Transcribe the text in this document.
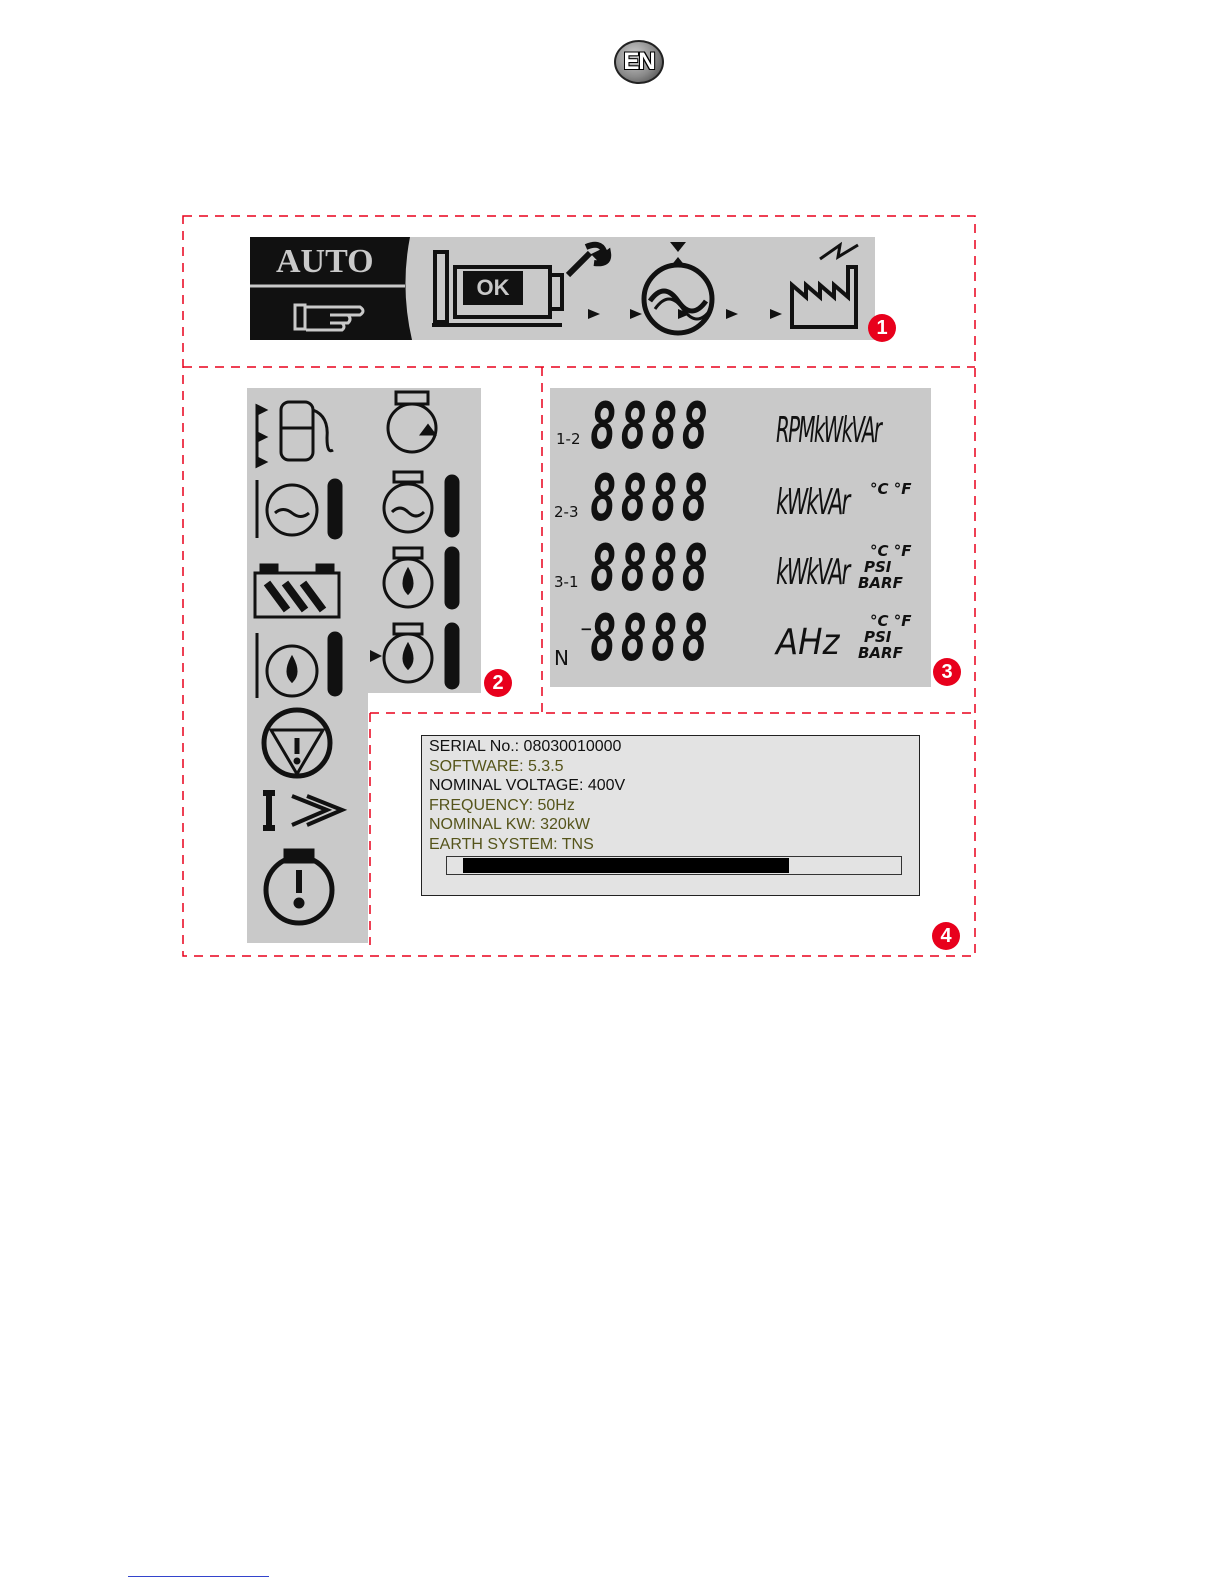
EN
OK
AUTO
1
2
1-2 8888 RPMkWkVAr
2-3 8888 kWkVAr °C °F
3-1 8888 kWkVAr
°C °F
PSI
BARF
N
−
8888 AHz
°C °F
PSI
BARF
3
SERIAL No.: 08030010000
SOFTWARE: 5.3.5
NOMINAL VOLTAGE: 400V
FREQUENCY: 50Hz
NOMINAL KW: 320kW
EARTH SYSTEM: TNS
4
